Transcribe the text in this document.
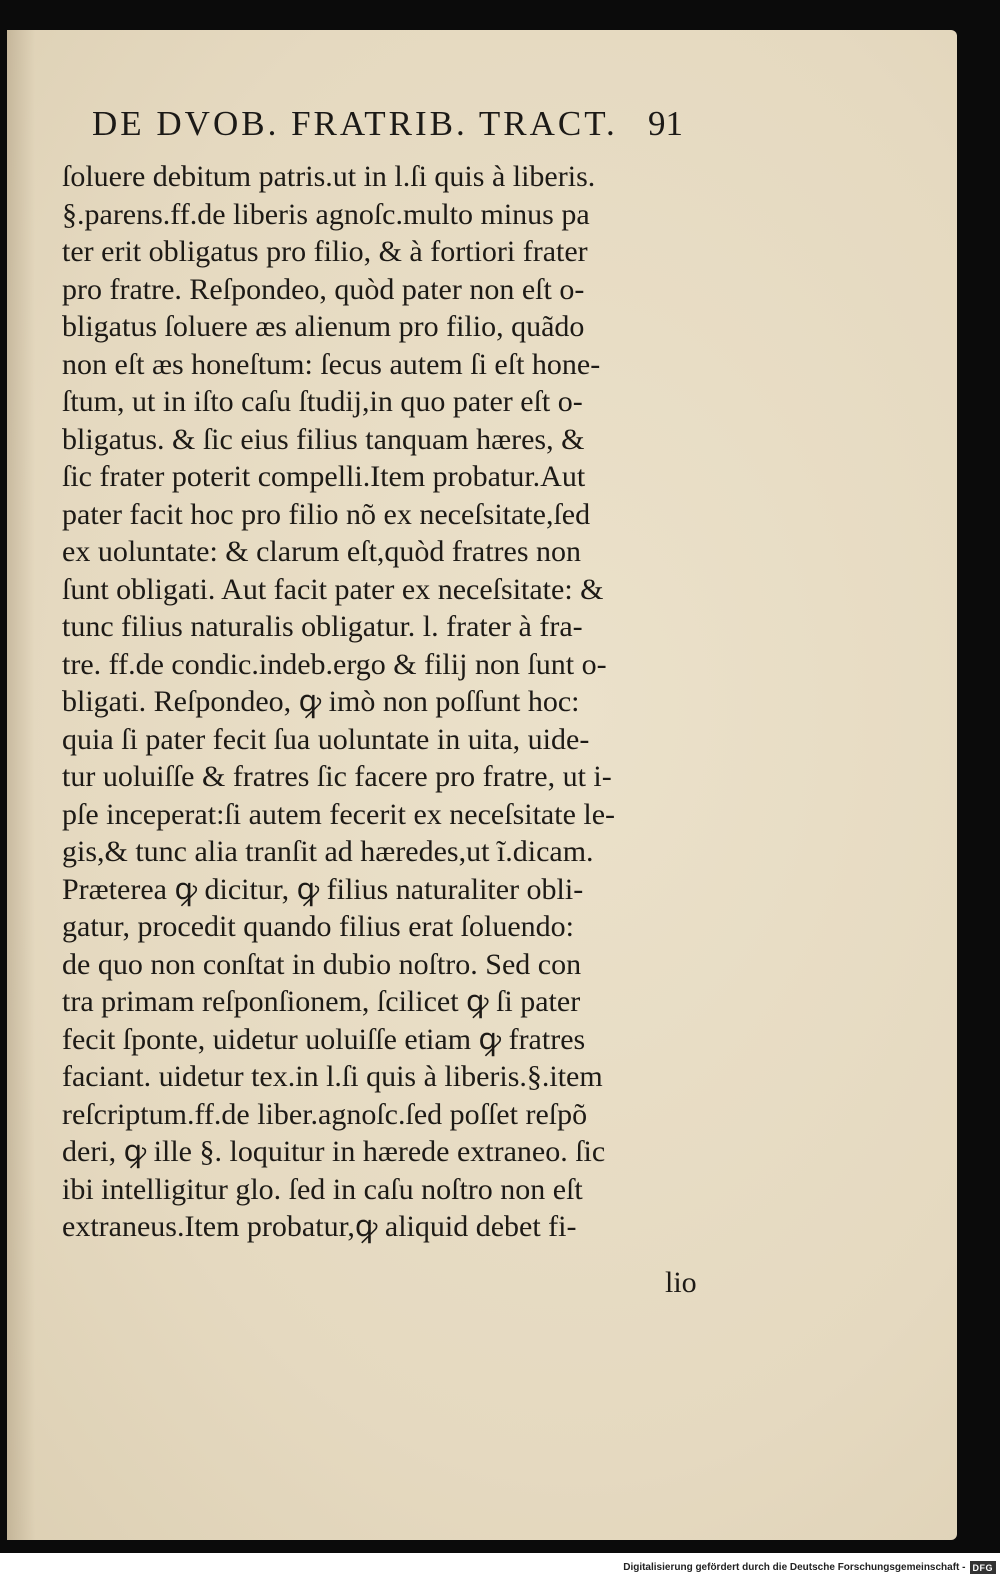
DE DVOB. FRATRIB. TRACT. 91
ſoluere debitum patris.ut in l.ſi quis à liberis.
§.parens.ff.de liberis agnoſc.multo minus pa
ter erit obligatus pro filio, & à fortiori frater
pro fratre. Reſpondeo, quòd pater non eſt o-
bligatus ſoluere æs alienum pro filio, quãdo
non eſt æs honeſtum: ſecus autem ſi eſt hone-
ſtum, ut in iſto caſu ſtudij,in quo pater eſt o-
bligatus. & ſic eius filius tanquam hæres, &
ſic frater poterit compelli.Item probatur.Aut
pater facit hoc pro filio nõ ex neceſsitate,ſed
ex uoluntate: & clarum eſt,quòd fratres non
ſunt obligati. Aut facit pater ex neceſsitate: &
tunc filius naturalis obligatur. l. frater à fra-
tre. ff.de condic.indeb.ergo & filij non ſunt o-
bligati. Reſpondeo, ꝙ imò non poſſunt hoc:
quia ſi pater fecit ſua uoluntate in uita, uide-
tur uoluiſſe & fratres ſic facere pro fratre, ut i-
pſe inceperat:ſi autem fecerit ex neceſsitate le-
gis,& tunc alia tranſit ad hæredes,ut ĩ.dicam.
Præterea ꝙ dicitur, ꝙ filius naturaliter obli-
gatur, procedit quando filius erat ſoluendo:
de quo non conſtat in dubio noſtro. Sed con
tra primam reſponſionem, ſcilicet ꝙ ſi pater
fecit ſponte, uidetur uoluiſſe etiam ꝙ fratres
faciant. uidetur tex.in l.ſi quis à liberis.§.item
reſcriptum.ff.de liber.agnoſc.ſed poſſet reſpõ
deri, ꝙ ille §. loquitur in hærede extraneo. ſic
ibi intelligitur glo. ſed in caſu noſtro non eſt
extraneus.Item probatur,ꝙ aliquid debet fi-
lio
Digitalisierung gefördert durch die Deutsche Forschungsgemeinschaft - DFG
